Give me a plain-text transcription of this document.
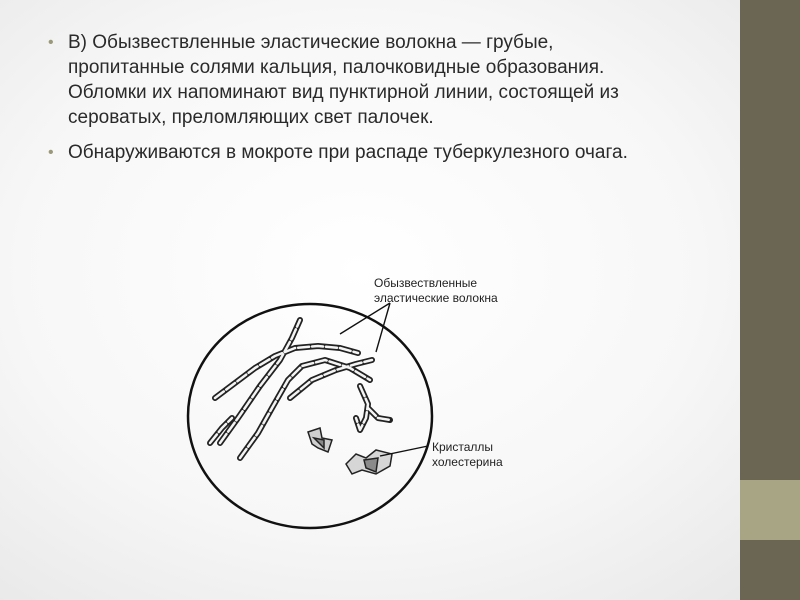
• В) Обызвествленные эластические волокна — грубые, пропитанные солями кальция, палочковидные образования. Обломки их напоминают вид пунктирной линии, состоящей из сероватых, преломляющих свет палочек.
• Обнаруживаются в мокроте при распаде туберкулезного очага.
Обызвествленные
эластические волокна
Кристаллы
холестерина
